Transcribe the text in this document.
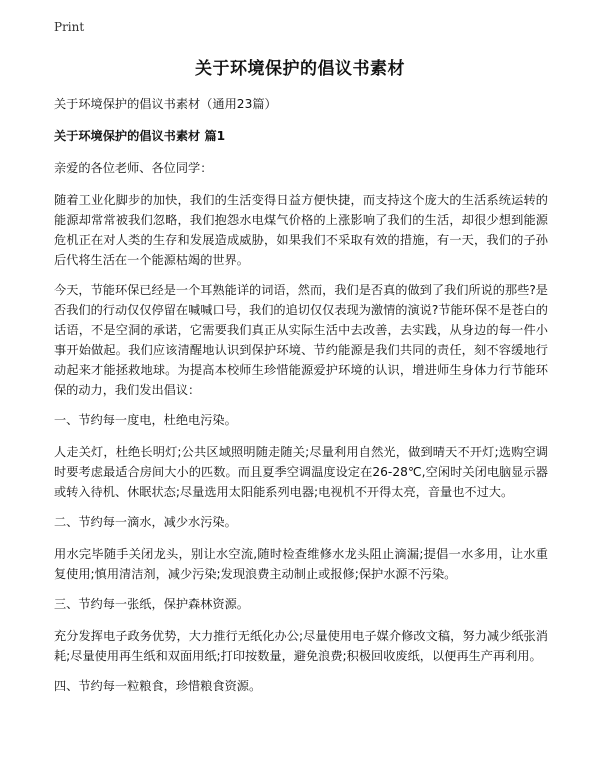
Print
关于环境保护的倡议书素材

关于环境保护的倡议书素材（通用23篇）

关于环境保护的倡议书素材 篇1

亲爱的各位老师、各位同学：

随着工业化脚步的加快，我们的生活变得日益方便快捷，而支持这个庞大的生活系统运转的能源却常常被我们忽略，我们抱怨水电煤气价格的上涨影响了我们的生活，却很少想到能源危机正在对人类的生存和发展造成威胁，如果我们不采取有效的措施，有一天，我们的子孙后代将生活在一个能源枯竭的世界。

今天，节能环保已经是一个耳熟能详的词语，然而，我们是否真的做到了我们所说的那些?是否我们的行动仅仅停留在喊喊口号，我们的追切仅仅表现为激情的演说?节能环保不是苍白的话语，不是空洞的承诺，它需要我们真正从实际生活中去改善，去实践，从身边的每一件小事开始做起。我们应该清醒地认识到保护环境、节约能源是我们共同的责任，刻不容缓地行动起来才能拯救地球。为提高本校师生珍惜能源爱护环境的认识，增进师生身体力行节能环保的动力，我们发出倡议：

一、节约每一度电，杜绝电污染。

人走关灯，杜绝长明灯;公共区域照明随走随关;尽量利用自然光，做到晴天不开灯;选购空调时要考虑最适合房间大小的匹数。而且夏季空调温度设定在26-28℃,空闲时关闭电脑显示器或转入待机、休眠状态;尽量选用太阳能系列电器;电视机不开得太亮，音量也不过大。

二、节约每一滴水，减少水污染。

用水完毕随手关闭龙头，别让水空流,随时检查维修水龙头阻止滴漏;提倡一水多用，让水重复使用;慎用清洁剂，减少污染;发现浪费主动制止或报修;保护水源不污染。

三、节约每一张纸，保护森林资源。

充分发挥电子政务优势，大力推行无纸化办公;尽量使用电子媒介修改文稿，努力减少纸张消耗;尽量使用再生纸和双面用纸;打印按数量，避免浪费;积极回收废纸，以便再生产再利用。

四、节约每一粒粮食，珍惜粮食资源。
